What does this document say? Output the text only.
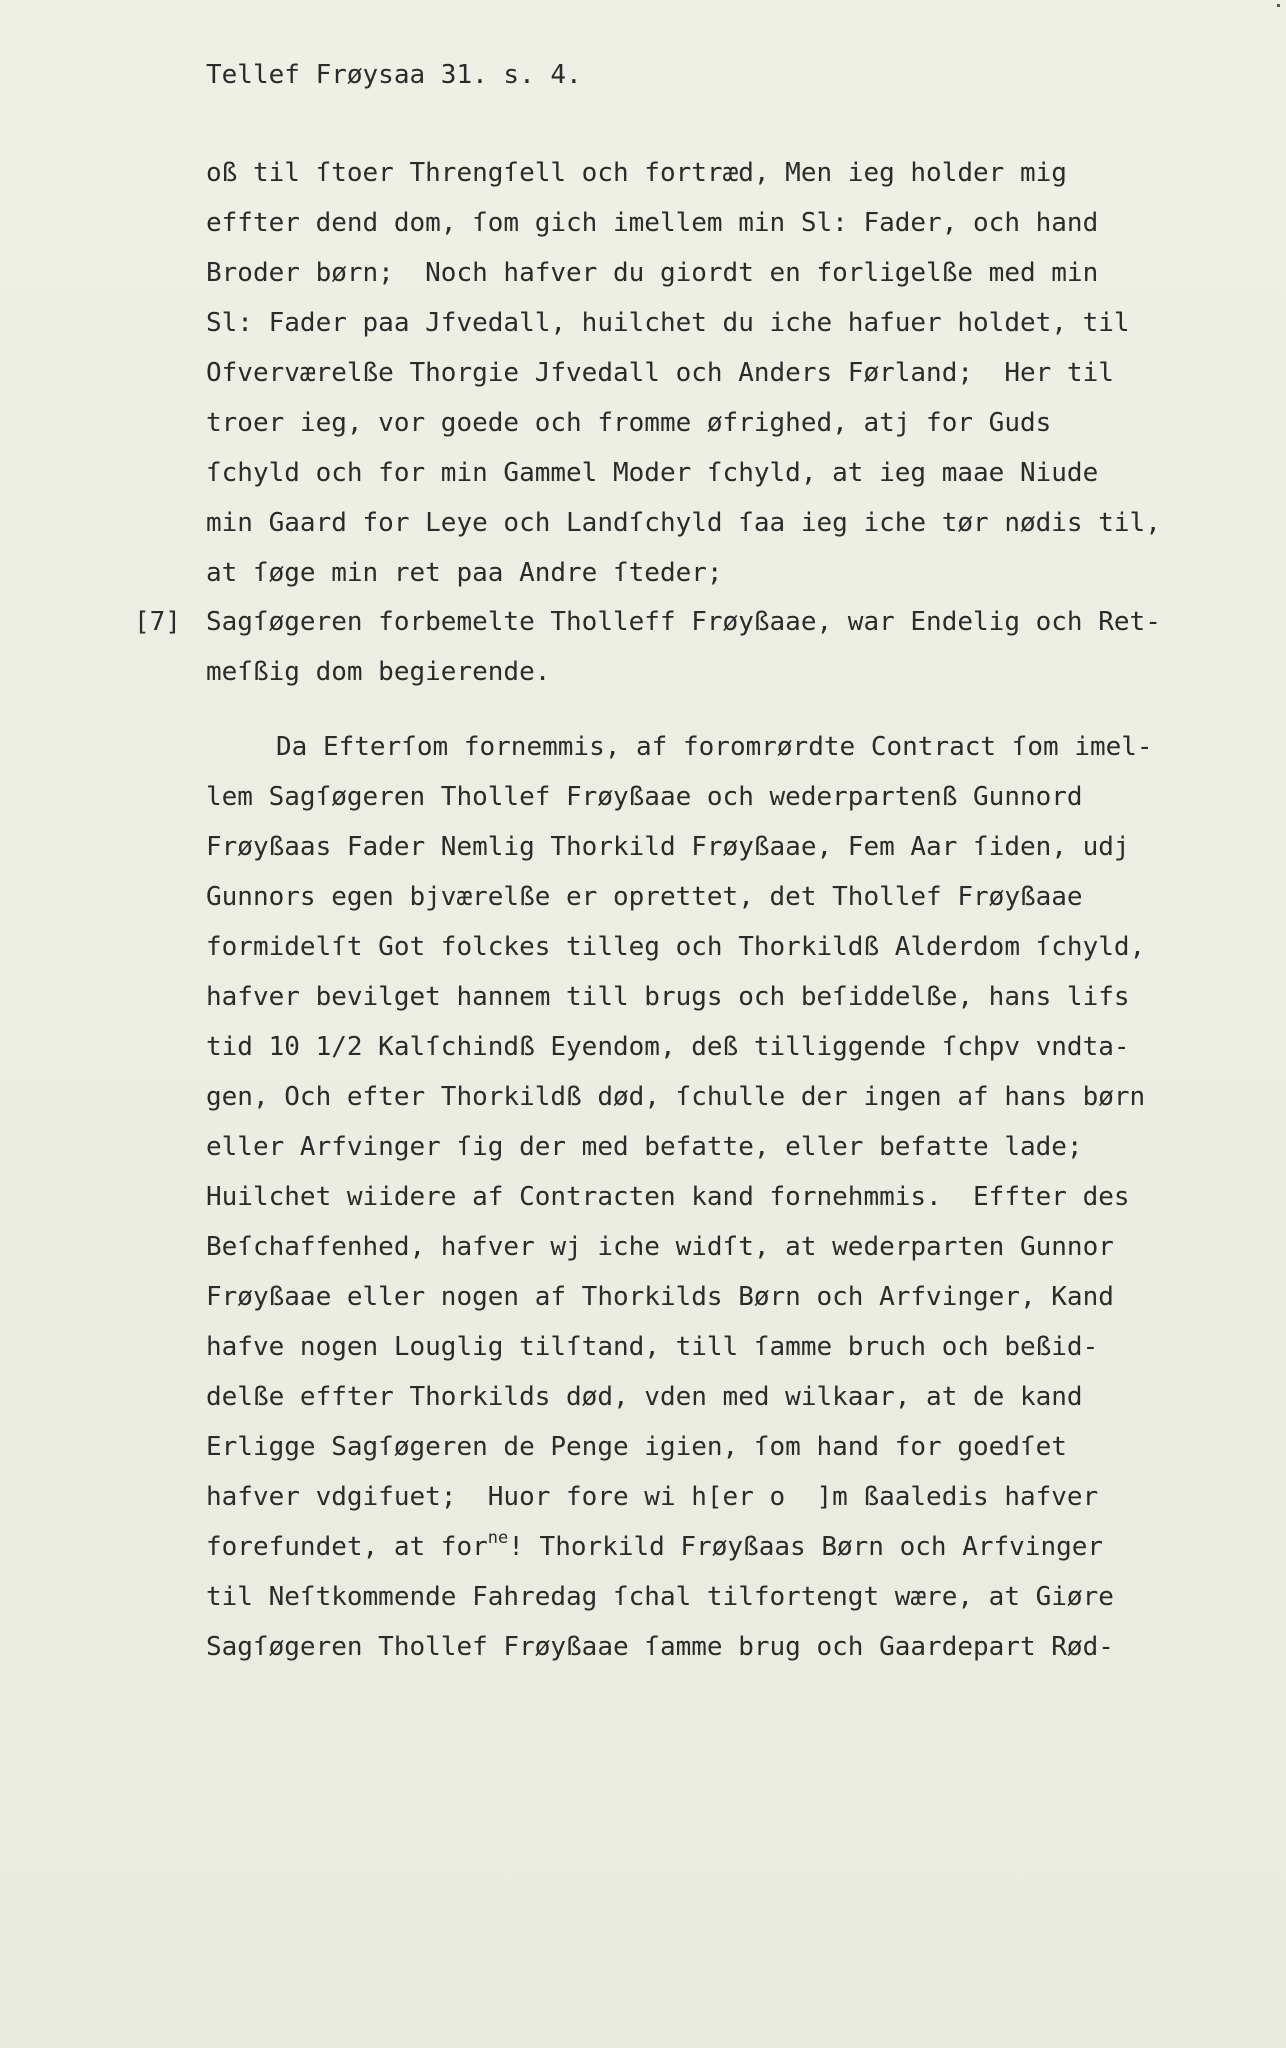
Tellef Frøysaa 31. s. 4.
oß til ſtoer Threngſell och fortræd, Men ieg holder mig
effter dend dom, ſom gich imellem min Sl: Fader, och hand
Broder børn;  Noch hafver du giordt en forligelße med min
Sl: Fader paa Jfvedall, huilchet du iche hafuer holdet, til
Ofverværelße Thorgie Jfvedall och Anders Førland;  Her til
troer ieg, vor goede och fromme øfrighed, atj for Guds
ſchyld och for min Gammel Moder ſchyld, at ieg maae Niude
min Gaard for Leye och Landſchyld ſaa ieg iche tør nødis til,
at ſøge min ret paa Andre ſteder;
[7] Sagſøgeren forbemelte Tholleff Frøyßaae, war Endelig och Ret-
meſßig dom begierende.
Da Efterſom fornemmis, af foromrørdte Contract ſom imel-
lem Sagſøgeren Thollef Frøyßaae och wederpartenß Gunnord
Frøyßaas Fader Nemlig Thorkild Frøyßaae, Fem Aar ſiden, udj
Gunnors egen bjværelße er oprettet, det Thollef Frøyßaae
formidelſt Got folckes tilleg och Thorkildß Alderdom ſchyld,
hafver bevilget hannem till brugs och beſiddelße, hans lifs
tid 10 1/2 Kalſchindß Eyendom, deß tilliggende ſchpv vndta-
gen, Och efter Thorkildß død, ſchulle der ingen af hans børn
eller Arfvinger ſig der med befatte, eller befatte lade;
Huilchet wiidere af Contracten kand fornehmmis.  Effter des
Beſchaffenhed, hafver wj iche widſt, at wederparten Gunnor
Frøyßaae eller nogen af Thorkilds Børn och Arfvinger, Kand
hafve nogen Louglig tilſtand, till ſamme bruch och beßid-
delße effter Thorkilds død, vden med wilkaar, at de kand
Erligge Sagſøgeren de Penge igien, ſom hand for goedſet
hafver vdgifuet;  Huor fore wi h[er o  ]m ßaaledis hafver
forefundet, at for$^{ne}$! Thorkild Frøyßaas Børn och Arfvinger
til Neſtkommende Fahredag ſchal tilfortengt wære, at Giøre
Sagſøgeren Thollef Frøyßaae ſamme brug och Gaardepart Rød-
